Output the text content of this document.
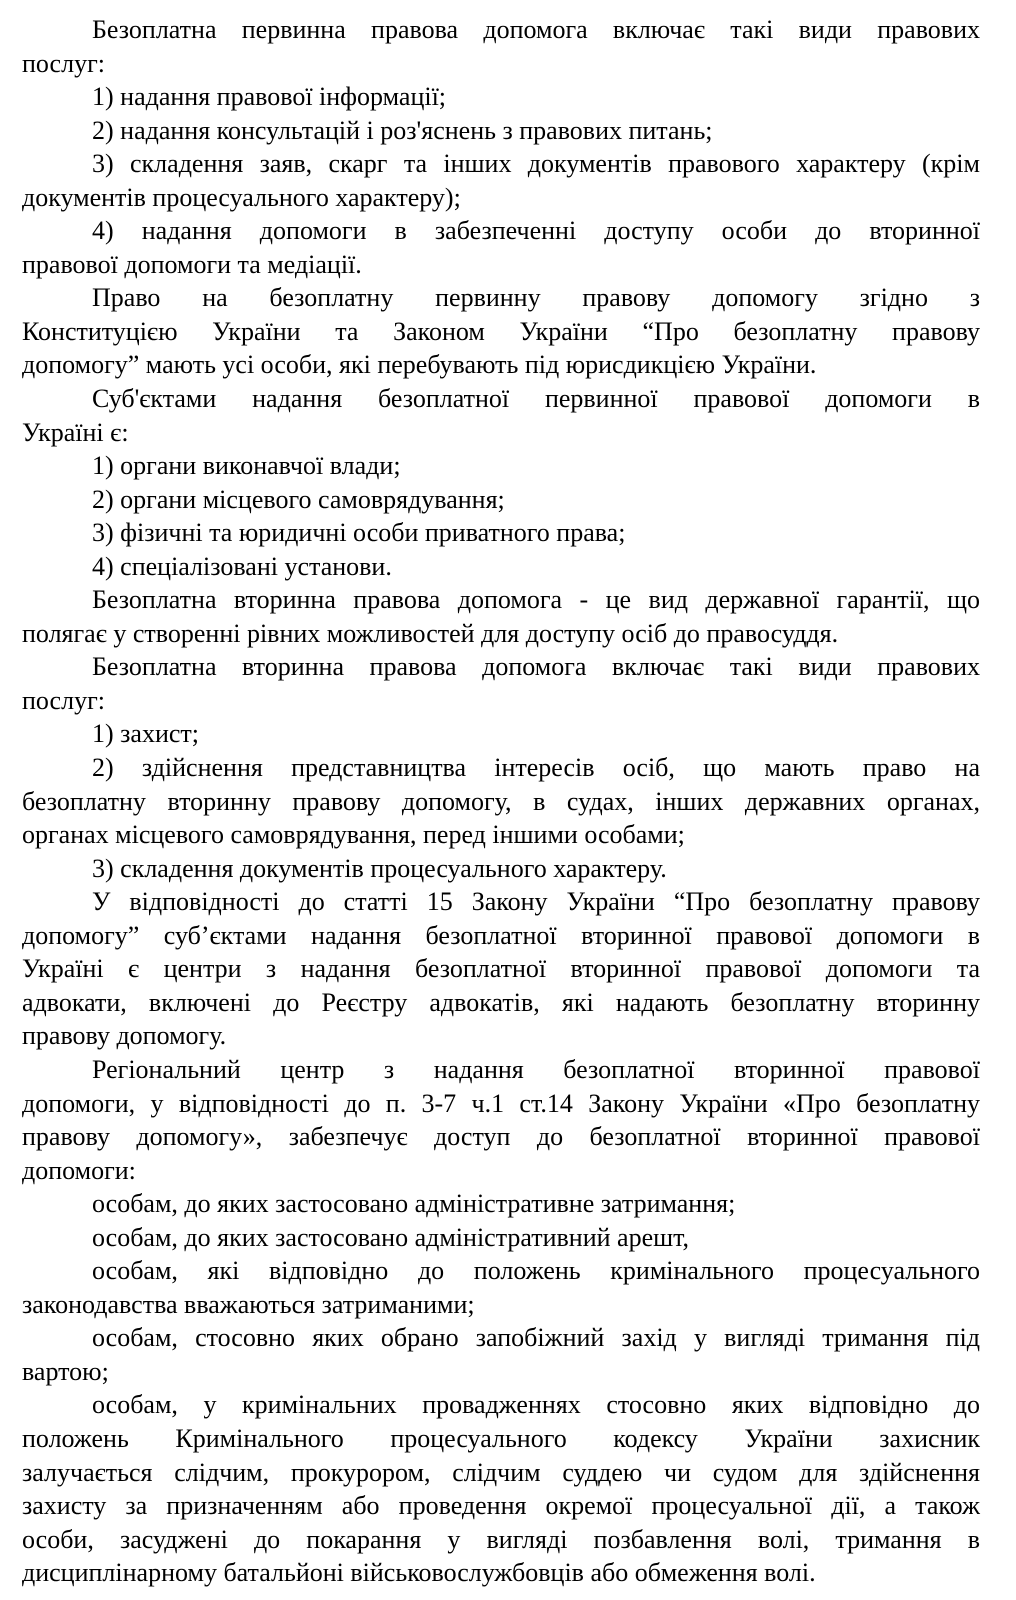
Безоплатна первинна правова допомога включає такі види правових
послуг:
1) надання правової інформації;
2) надання консультацій і роз'яснень з правових питань;
3) складення заяв, скарг та інших документів правового характеру (крім
документів процесуального характеру);
4) надання допомоги в забезпеченні доступу особи до вторинної
правової допомоги та медіації.
Право на безоплатну первинну правову допомогу згідно з
Конституцією України та Законом України “Про безоплатну правову
допомогу” мають усі особи, які перебувають під юрисдикцією України.
Суб'єктами надання безоплатної первинної правової допомоги в
Україні є:
1) органи виконавчої влади;
2) органи місцевого самоврядування;
3) фізичні та юридичні особи приватного права;
4) спеціалізовані установи.
Безоплатна вторинна правова допомога - це вид державної гарантії, що
полягає у створенні рівних можливостей для доступу осіб до правосуддя.
Безоплатна вторинна правова допомога включає такі види правових
послуг:
1) захист;
2) здійснення представництва інтересів осіб, що мають право на
безоплатну вторинну правову допомогу, в судах, інших державних органах,
органах місцевого самоврядування, перед іншими особами;
3) складення документів процесуального характеру.
У відповідності до статті 15 Закону України “Про безоплатну правову
допомогу” суб’єктами надання безоплатної вторинної правової допомоги в
Україні є центри з надання безоплатної вторинної правової допомоги та
адвокати, включені до Реєстру адвокатів, які надають безоплатну вторинну
правову допомогу.
Регіональний центр з надання безоплатної вторинної правової
допомоги, у відповідності до п. 3-7 ч.1 ст.14 Закону України «Про безоплатну
правову допомогу», забезпечує доступ до безоплатної вторинної правової
допомоги:
особам, до яких застосовано адміністративне затримання;
особам, до яких застосовано адміністративний арешт,
особам, які відповідно до положень кримінального процесуального
законодавства вважаються затриманими;
особам, стосовно яких обрано запобіжний захід у вигляді тримання під
вартою;
особам, у кримінальних провадженнях стосовно яких відповідно до
положень Кримінального процесуального кодексу України захисник
залучається слідчим, прокурором, слідчим суддею чи судом для здійснення
захисту за призначенням або проведення окремої процесуальної дії, а також
особи, засуджені до покарання у вигляді позбавлення волі, тримання в
дисциплінарному батальйоні військовослужбовців або обмеження волі.
